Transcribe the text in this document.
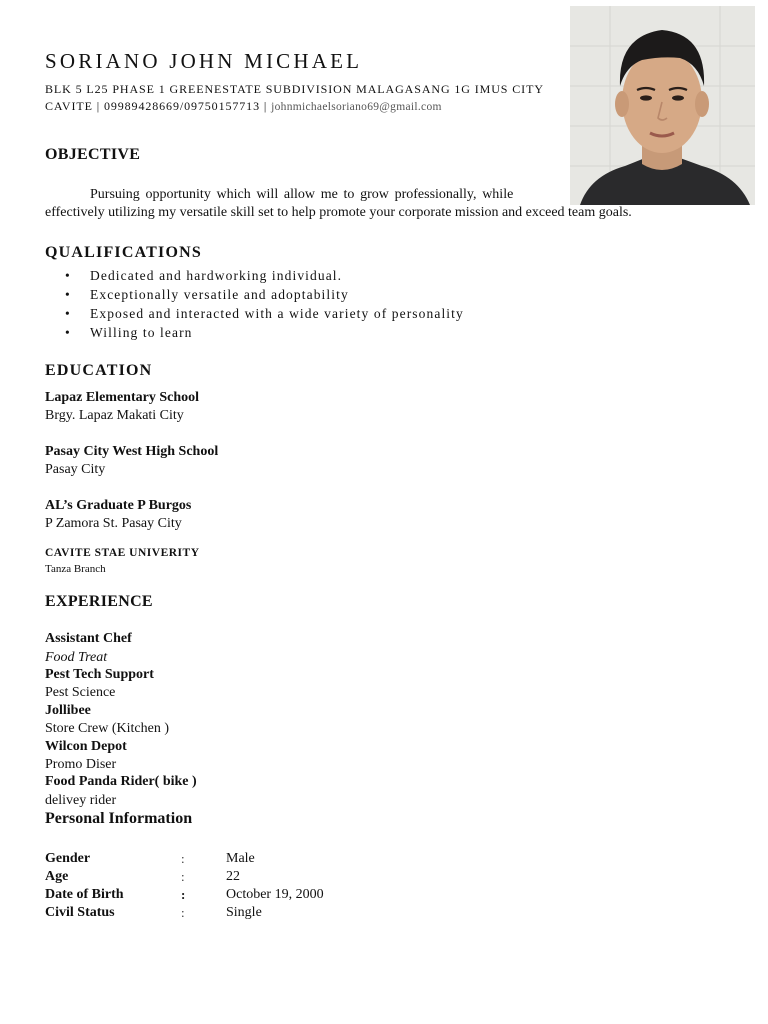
SORIANO JOHN MICHAEL
BLK 5 L25 PHASE 1 GREENESTATE SUBDIVISION MALAGASANG 1G IMUS CITY
CAVITE | 09989428669/09750157713 | johnmichaelsoriano69@gmail.com
OBJECTIVE
Pursuing opportunity which will allow me to grow professionally, while
effectively utilizing my versatile skill set to help promote your corporate mission and exceed team goals.
QUALIFICATIONS
• Dedicated and hardworking individual.
• Exceptionally versatile and adoptability
• Exposed and interacted with a wide variety of personality
• Willing to learn
EDUCATION
Lapaz Elementary School
Brgy. Lapaz Makati City
Pasay City West High School
Pasay City
AL’s Graduate P Burgos
P Zamora St. Pasay City
CAVITE STAE UNIVERITY
Tanza Branch
EXPERIENCE
Assistant Chef
Food Treat
Pest Tech Support
Pest Science
Jollibee
Store Crew (Kitchen )
Wilcon Depot
Promo Diser
Food Panda Rider( bike )
delivey rider
Personal Information
Gender	:	Male
Age	:	22
Date of Birth	:	October 19, 2000
Civil Status	:	Single
